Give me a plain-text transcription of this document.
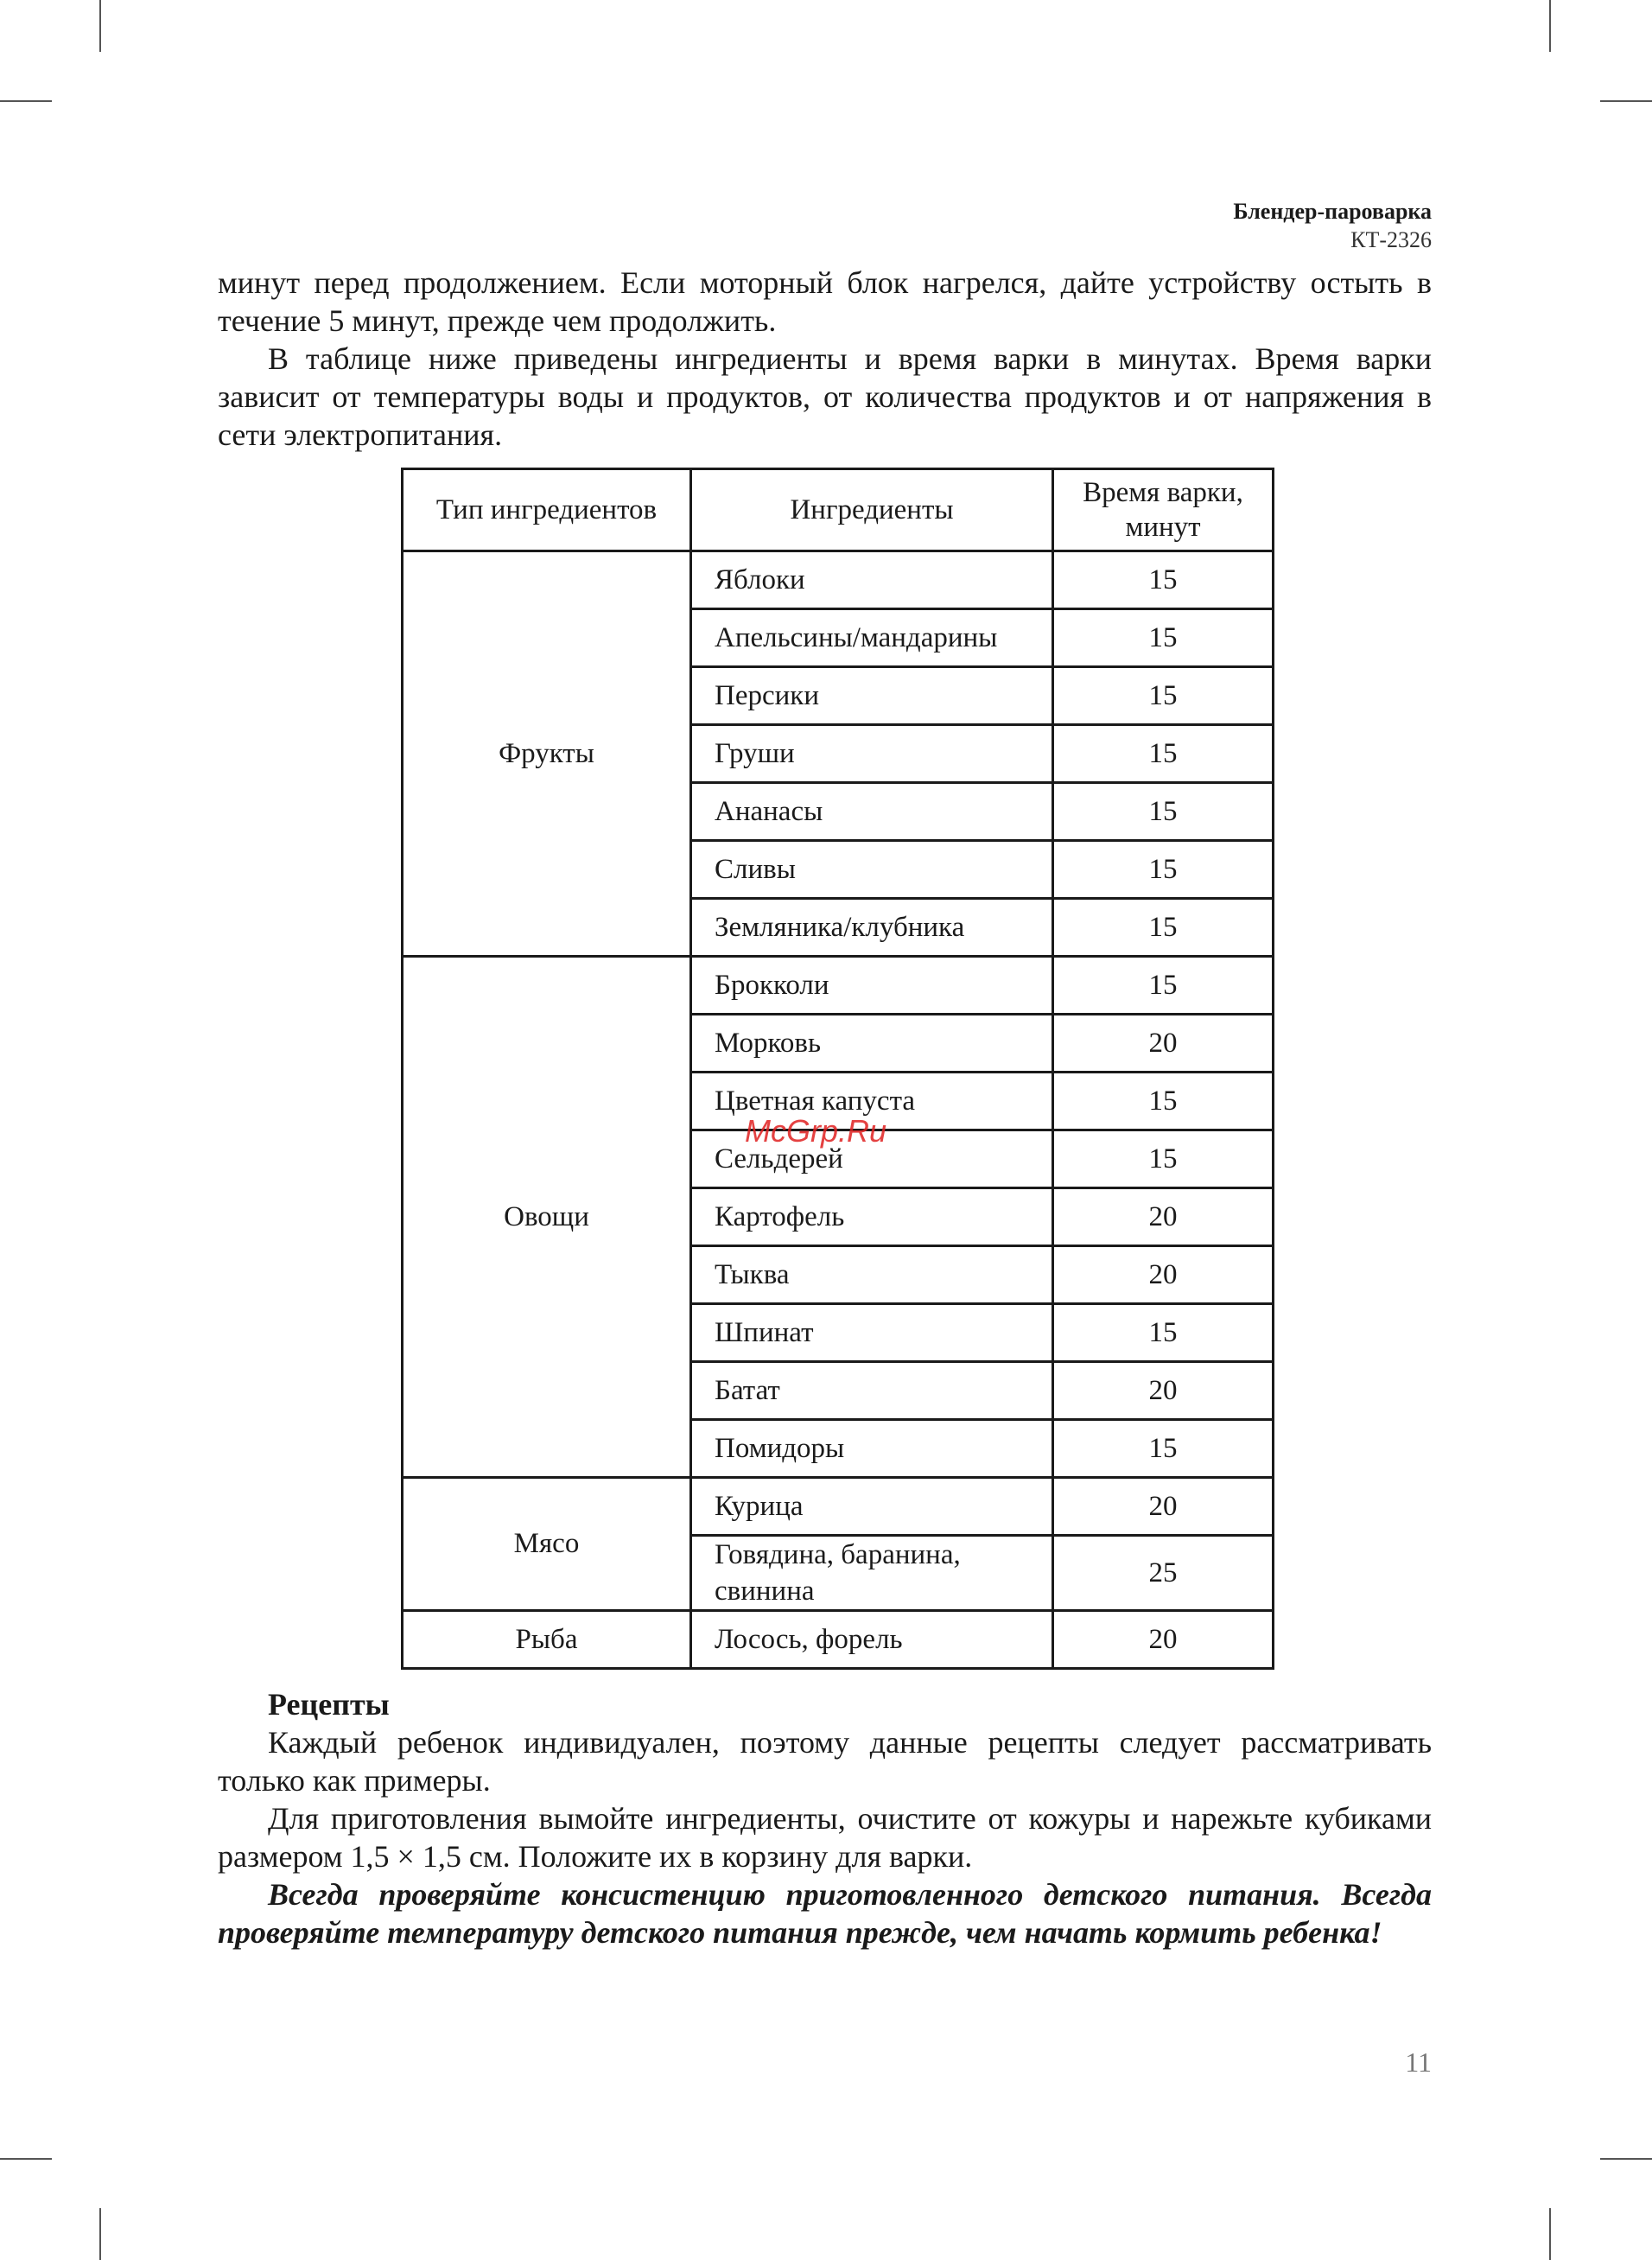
Блендер-пароварка
КТ-2326

минут перед продолжением. Если моторный блок нагрелся, дайте устройству остыть в течение 5 минут, прежде чем продолжить.

В таблице ниже приведены ингредиенты и время варки в минутах. Время варки зависит от температуры воды и продуктов, от количества продуктов и от напряжения в сети электропитания.

Тип ингредиентов	Ингредиенты	Время варки, минут
Фрукты	Яблоки	15
	Апельсины/мандарины	15
	Персики	15
	Груши	15
	Ананасы	15
	Сливы	15
	Земляника/клубника	15
Овощи	Брокколи	15
	Морковь	20
	Цветная капуста	15
	Сельдерей	15
	Картофель	20
	Тыква	20
	Шпинат	15
	Батат	20
	Помидоры	15
Мясо	Курица	20
	Говядина, баранина, свинина	25
Рыба	Лосось, форель	20
Рецепты

Каждый ребенок индивидуален, поэтому данные рецепты следует рассматривать только как примеры.

Для приготовления вымойте ингредиенты, очистите от кожуры и нарежьте кубиками размером 1,5 × 1,5 см. Положите их в корзину для варки.

Всегда проверяйте консистенцию приготовленного детского питания. Всегда проверяйте температуру детского питания прежде, чем начать кормить ребенка!

McGrp.Ru
11
